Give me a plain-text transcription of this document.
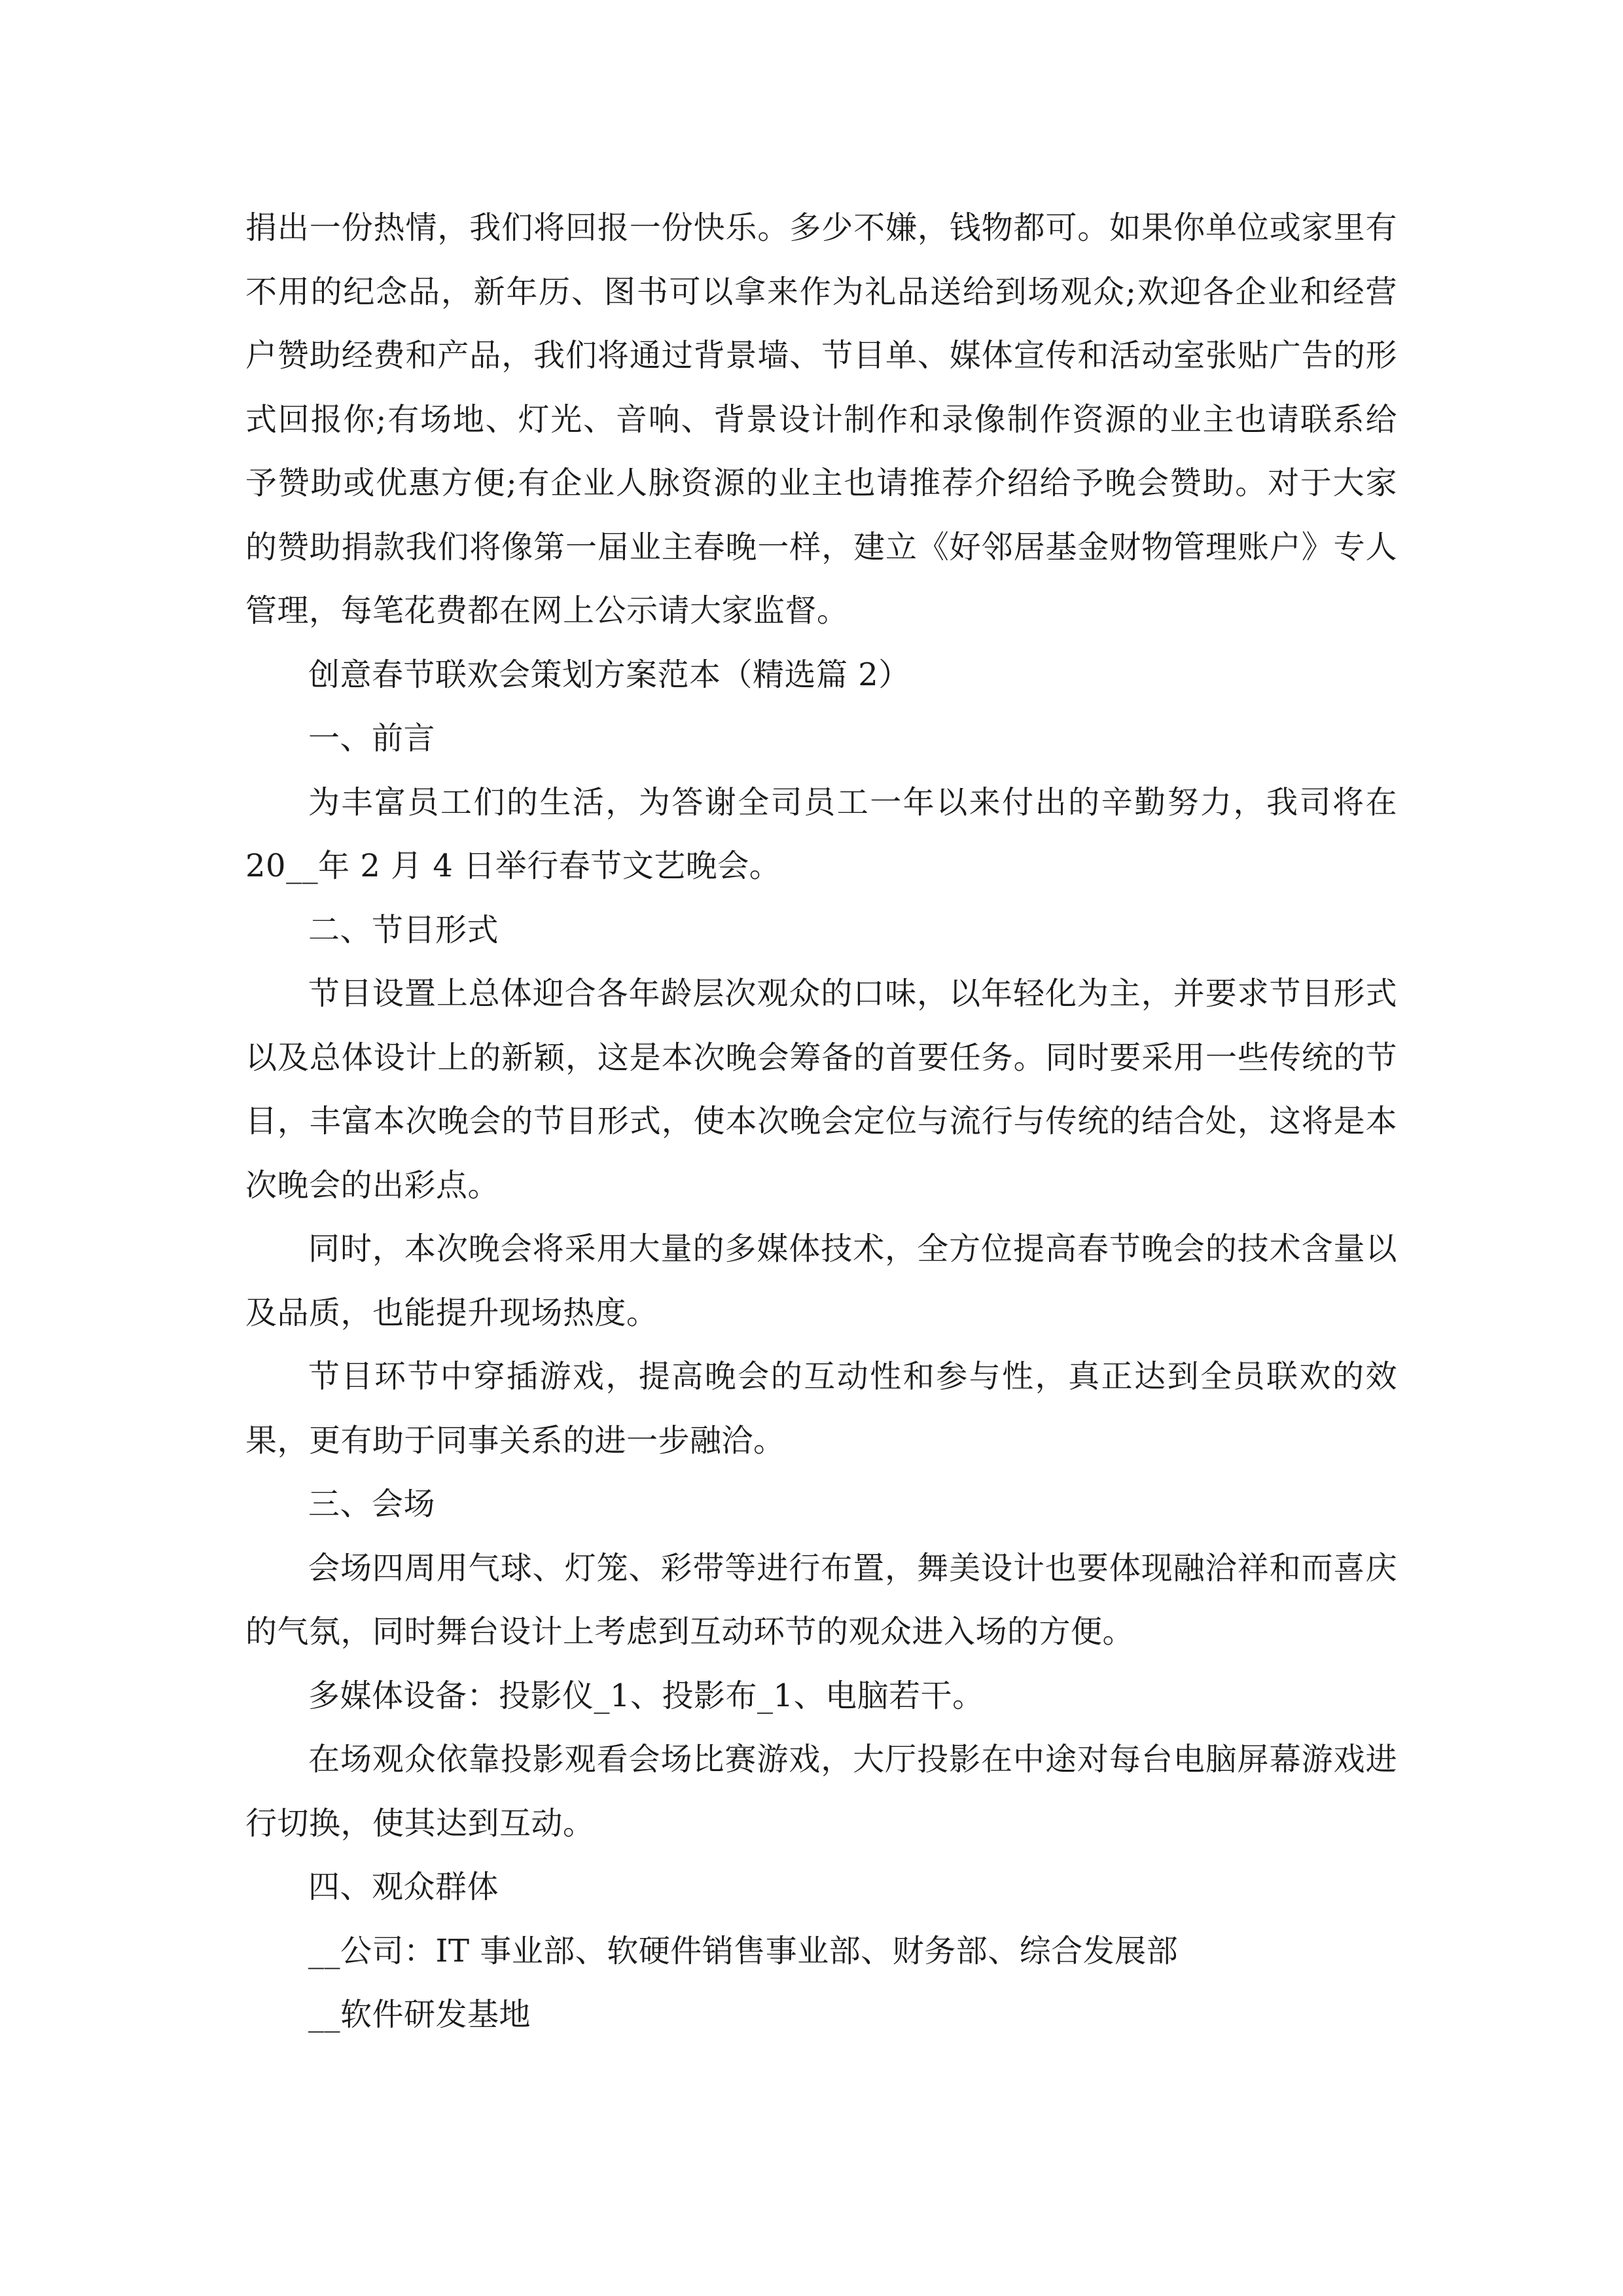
捐出一份热情，我们将回报一份快乐。多少不嫌，钱物都可。如果你单位或家里有不用的纪念品，新年历、图书可以拿来作为礼品送给到场观众;欢迎各企业和经营户赞助经费和产品，我们将通过背景墙、节目单、媒体宣传和活动室张贴广告的形式回报你;有场地、灯光、音响、背景设计制作和录像制作资源的业主也请联系给予赞助或优惠方便;有企业人脉资源的业主也请推荐介绍给予晚会赞助。对于大家的赞助捐款我们将像第一届业主春晚一样，建立《好邻居基金财物管理账户》专人管理，每笔花费都在网上公示请大家监督。

创意春节联欢会策划方案范本（精选篇 2）

一、前言

为丰富员工们的生活，为答谢全司员工一年以来付出的辛勤努力，我司将在20__年 2 月 4 日举行春节文艺晚会。

二、节目形式

节目设置上总体迎合各年龄层次观众的口味，以年轻化为主，并要求节目形式以及总体设计上的新颖，这是本次晚会筹备的首要任务。同时要采用一些传统的节目，丰富本次晚会的节目形式，使本次晚会定位与流行与传统的结合处，这将是本次晚会的出彩点。

同时，本次晚会将采用大量的多媒体技术，全方位提高春节晚会的技术含量以及品质，也能提升现场热度。

节目环节中穿插游戏，提高晚会的互动性和参与性，真正达到全员联欢的效果，更有助于同事关系的进一步融洽。

三、会场

会场四周用气球、灯笼、彩带等进行布置，舞美设计也要体现融洽祥和而喜庆的气氛，同时舞台设计上考虑到互动环节的观众进入场的方便。

多媒体设备：投影仪_1、投影布_1、电脑若干。

在场观众依靠投影观看会场比赛游戏，大厅投影在中途对每台电脑屏幕游戏进行切换，使其达到互动。

四、观众群体

__公司：IT 事业部、软硬件销售事业部、财务部、综合发展部

__软件研发基地
